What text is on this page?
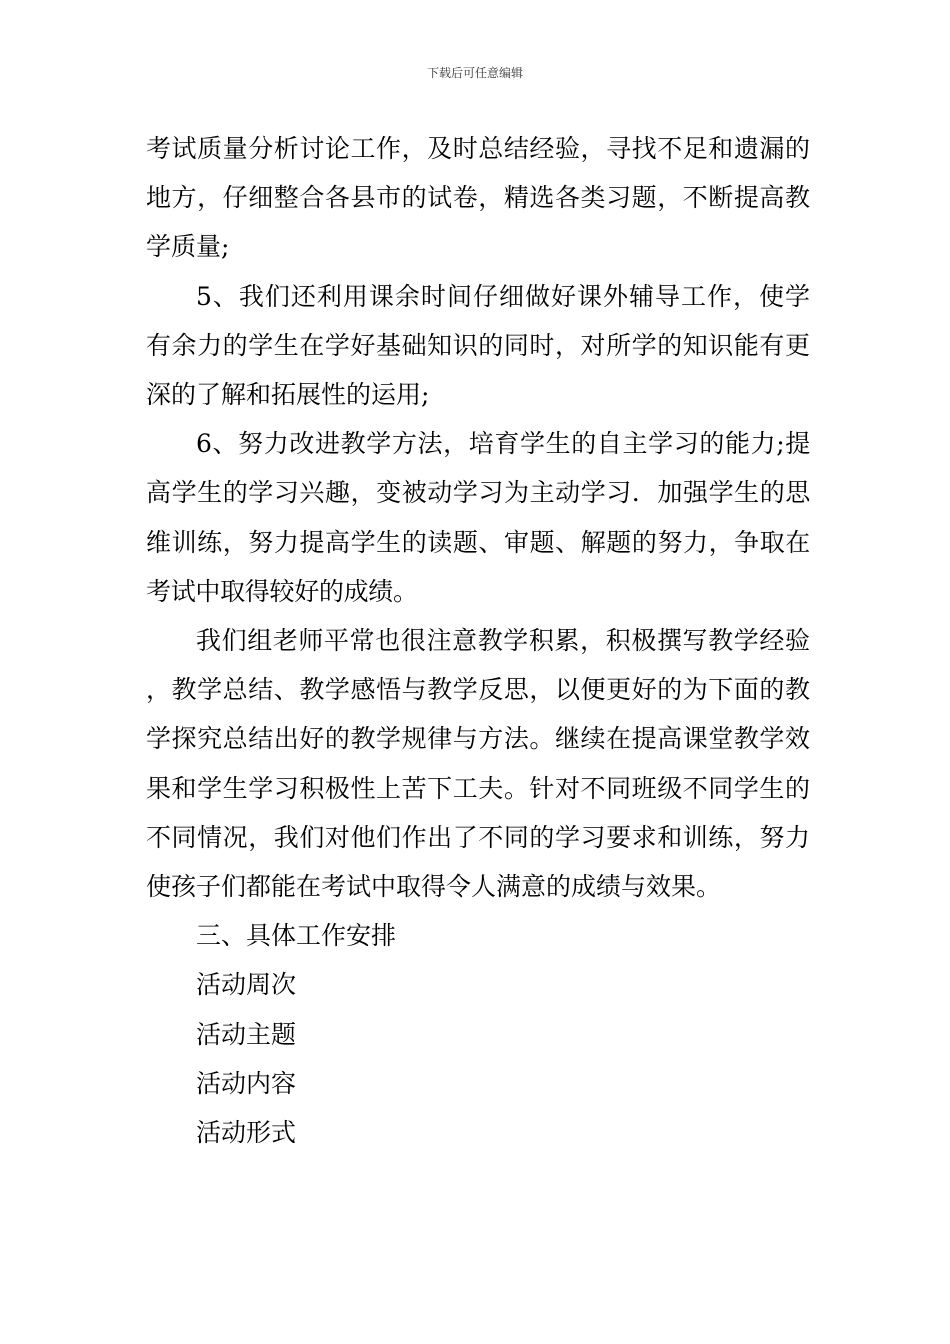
下载后可任意编辑

考试质量分析讨论工作，及时总结经验，寻找不足和遗漏的地方，仔细整合各县市的试卷，精选各类习题，不断提高教学质量;

5、我们还利用课余时间仔细做好课外辅导工作，使学有余力的学生在学好基础知识的同时，对所学的知识能有更深的了解和拓展性的运用;

6、努力改进教学方法，培育学生的自主学习的能力;提高学生的学习兴趣，变被动学习为主动学习．加强学生的思维训练，努力提高学生的读题、审题、解题的努力，争取在考试中取得较好的成绩。

我们组老师平常也很注意教学积累，积极撰写教学经验，教学总结、教学感悟与教学反思，以便更好的为下面的教学探究总结出好的教学规律与方法。继续在提高课堂教学效果和学生学习积极性上苦下工夫。针对不同班级不同学生的不同情况，我们对他们作出了不同的学习要求和训练，努力使孩子们都能在考试中取得令人满意的成绩与效果。

三、具体工作安排

活动周次

活动主题

活动内容

活动形式
